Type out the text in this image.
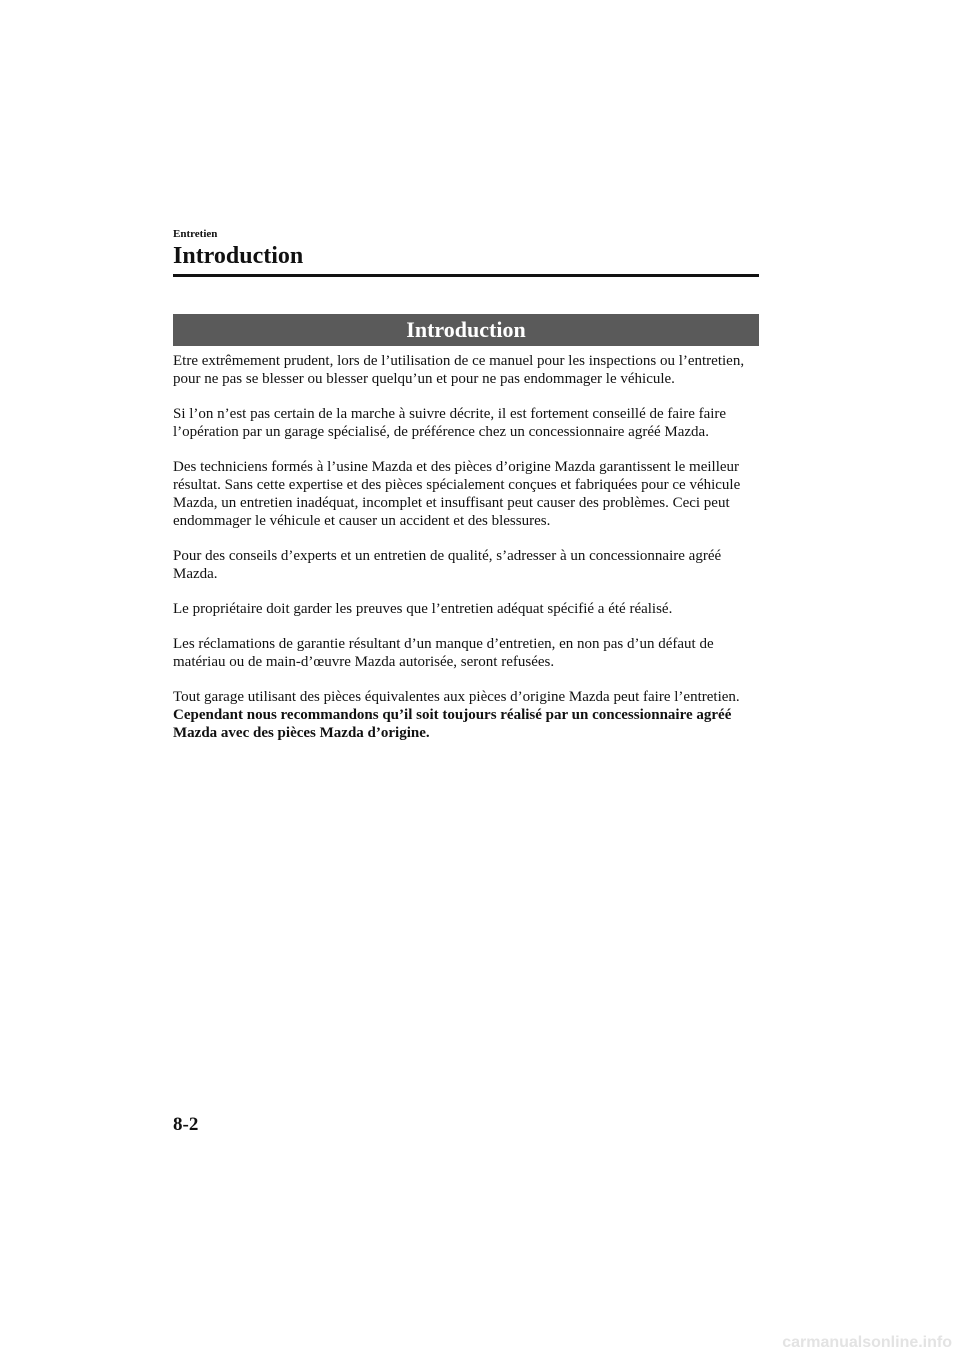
Entretien
Introduction
Introduction

Etre extrêmement prudent, lors de l’utilisation de ce manuel pour les inspections ou l’entretien, pour ne pas se blesser ou blesser quelqu’un et pour ne pas endommager le véhicule.

Si l’on n’est pas certain de la marche à suivre décrite, il est fortement conseillé de faire faire l’opération par un garage spécialisé, de préférence chez un concessionnaire agréé Mazda.

Des techniciens formés à l’usine Mazda et des pièces d’origine Mazda garantissent le meilleur résultat. Sans cette expertise et des pièces spécialement conçues et fabriquées pour ce véhicule Mazda, un entretien inadéquat, incomplet et insuffisant peut causer des problèmes. Ceci peut endommager le véhicule et causer un accident et des blessures.

Pour des conseils d’experts et un entretien de qualité, s’adresser à un concessionnaire agréé Mazda.

Le propriétaire doit garder les preuves que l’entretien adéquat spécifié a été réalisé.

Les réclamations de garantie résultant d’un manque d’entretien, en non pas d’un défaut de matériau ou de main-d’œuvre Mazda autorisée, seront refusées.

Tout garage utilisant des pièces équivalentes aux pièces d’origine Mazda peut faire l’entretien. Cependant nous recommandons qu’il soit toujours réalisé par un concessionnaire agréé Mazda avec des pièces Mazda d’origine.

8-2
carmanualsonline.info
